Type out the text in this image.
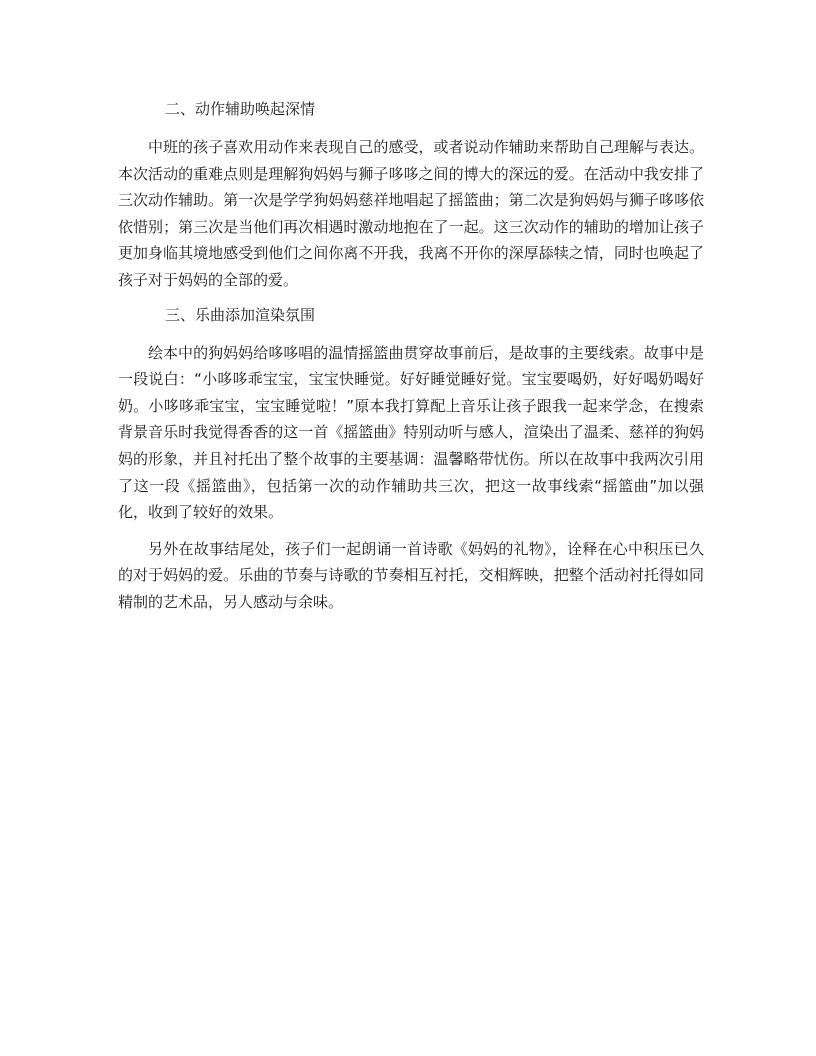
二、动作辅助唤起深情

中班的孩子喜欢用动作来表现自己的感受，或者说动作辅助来帮助自己理解与表达。本次活动的重难点则是理解狗妈妈与狮子哆哆之间的博大的深远的爱。在活动中我安排了三次动作辅助。第一次是学学狗妈妈慈祥地唱起了摇篮曲；第二次是狗妈妈与狮子哆哆依依惜别；第三次是当他们再次相遇时激动地抱在了一起。这三次动作的辅助的增加让孩子更加身临其境地感受到他们之间你离不开我，我离不开你的深厚舔犊之情，同时也唤起了孩子对于妈妈的全部的爱。

三、乐曲添加渲染氛围

绘本中的狗妈妈给哆哆唱的温情摇篮曲贯穿故事前后，是故事的主要线索。故事中是一段说白：“小哆哆乖宝宝，宝宝快睡觉。好好睡觉睡好觉。宝宝要喝奶，好好喝奶喝好奶。小哆哆乖宝宝，宝宝睡觉啦！”原本我打算配上音乐让孩子跟我一起来学念，在搜索背景音乐时我觉得香香的这一首《摇篮曲》特别动听与感人，渲染出了温柔、慈祥的狗妈妈的形象，并且衬托出了整个故事的主要基调：温馨略带忧伤。所以在故事中我两次引用了这一段《摇篮曲》，包括第一次的动作辅助共三次，把这一故事线索“摇篮曲”加以强化，收到了较好的效果。

另外在故事结尾处，孩子们一起朗诵一首诗歌《妈妈的礼物》，诠释在心中积压已久的对于妈妈的爱。乐曲的节奏与诗歌的节奏相互衬托，交相辉映，把整个活动衬托得如同精制的艺术品，另人感动与余味。
